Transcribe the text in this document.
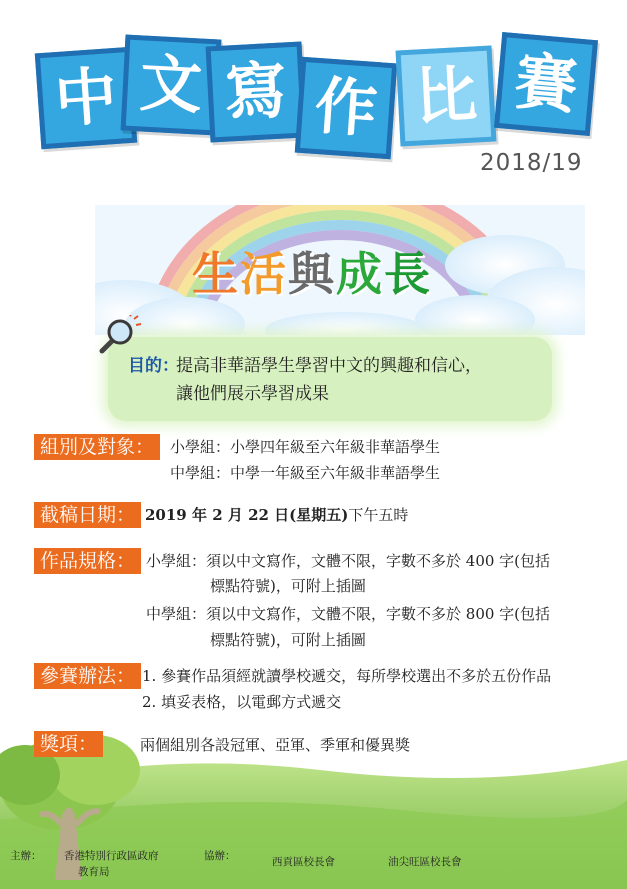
中 文 寫 作 比 賽
2018/19
生活與成長
目的：
提高非華語學生學習中文的興趣和信心，
讓他們展示學習成果
組別及對象：	小學組：小學四年級至六年級非華語學生
中學組：中學一年級至六年級非華語學生
截稿日期： 2019 年 2 月 22 日(星期五)下午五時
作品規格： 小學組：須以中文寫作，文體不限，字數不多於 400 字(包括
標點符號)，可附上插圖
中學組：須以中文寫作，文體不限，字數不多於 800 字(包括
標點符號)，可附上插圖
參賽辦法： 1. 參賽作品須經就讀學校遞交，每所學校選出不多於五份作品
2. 填妥表格，以電郵方式遞交
獎項：	兩個組別各設冠軍、亞軍、季軍和優異獎
主辦： 香港特別行政區政府
教育局
協辦：	西貢區校長會	油尖旺區校長會
